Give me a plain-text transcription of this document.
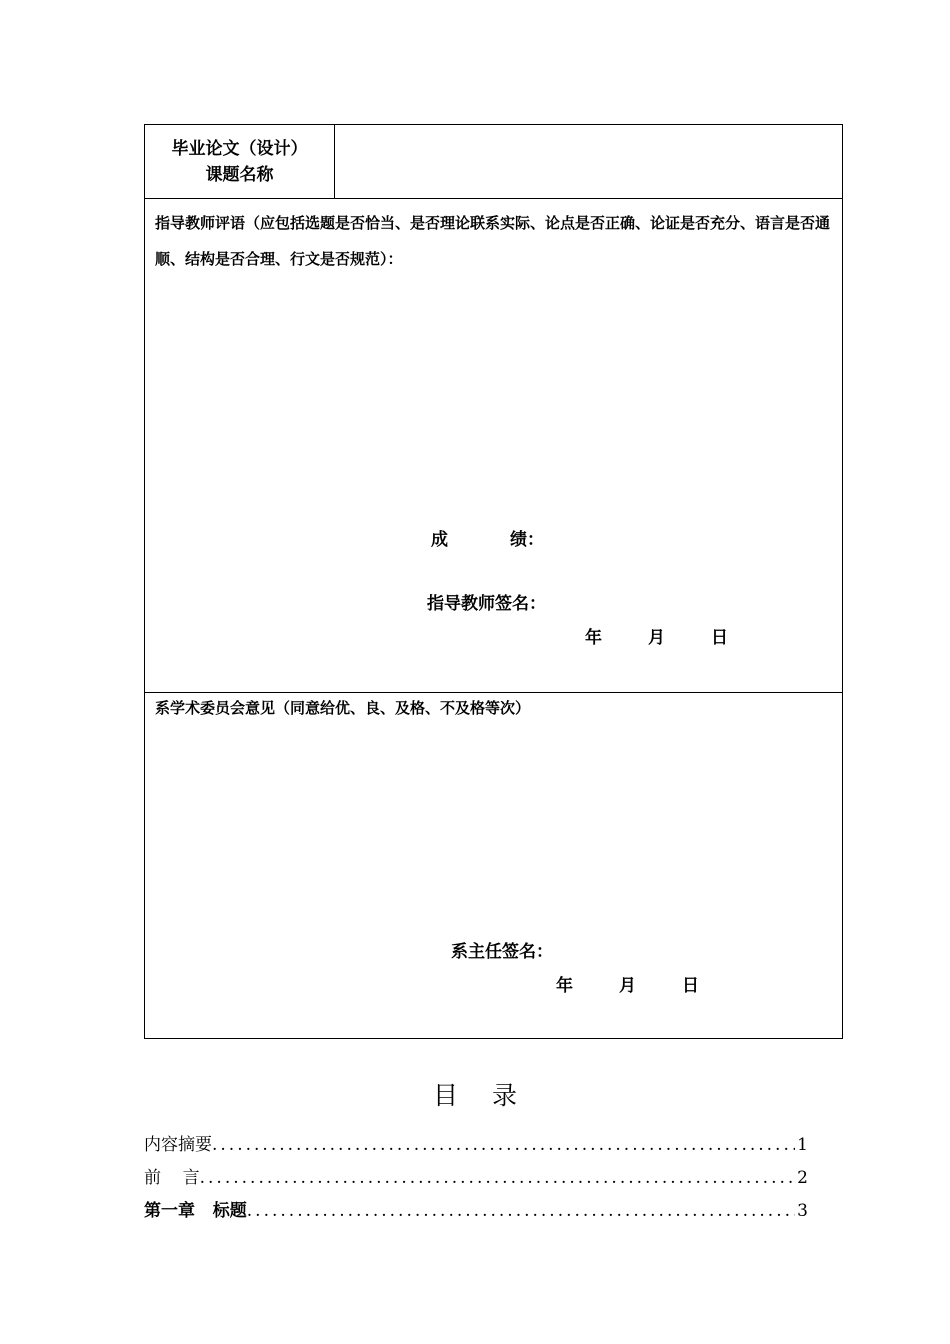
毕业论文（设计）
课题名称

指导教师评语（应包括选题是否恰当、是否理论联系实际、论点是否正确、论证是否充分、语言是否通顺、结构是否合理、行文是否规范）：

成	绩：
指导教师签名：
年	月	日
系学术委员会意见（同意给优、良、及格、不及格等次）
系主任签名：
年	月	日
目 录
内容摘要 .....	1
前    言 .....	2
第一章   标题 .....	3
